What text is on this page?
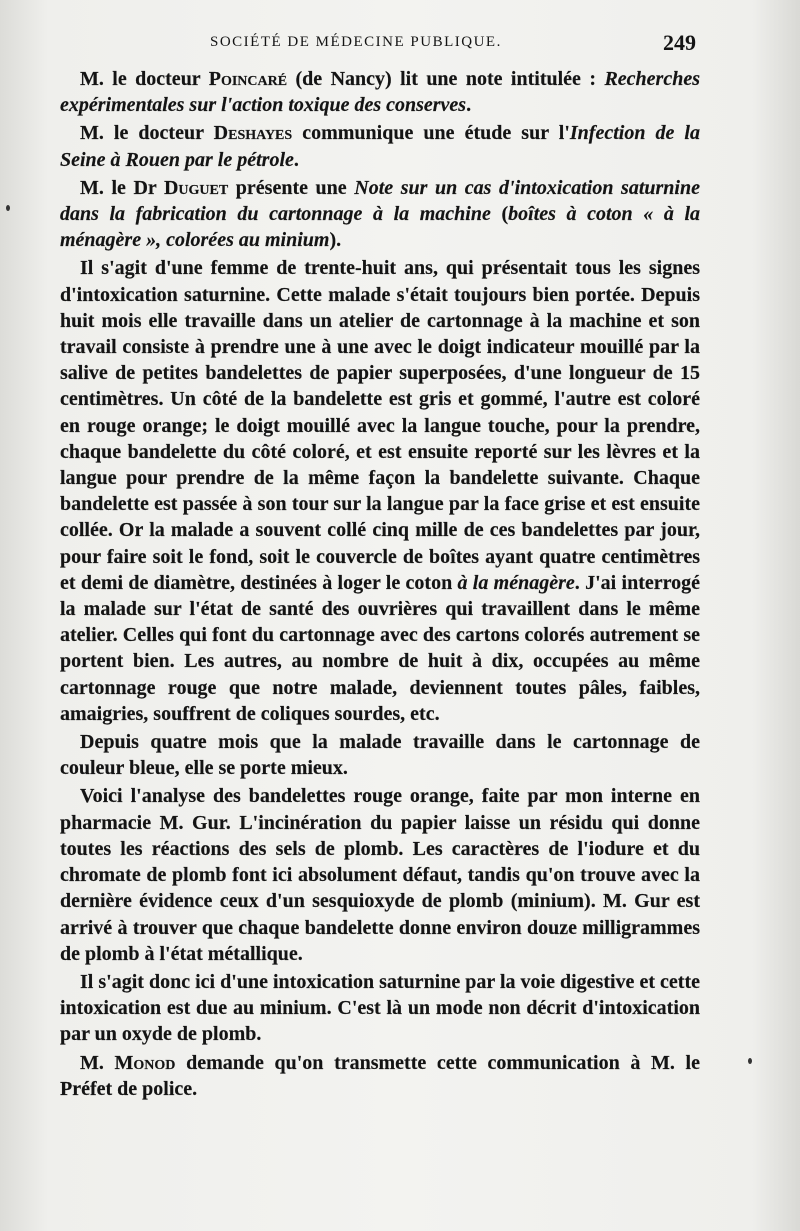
SOCIÉTÉ DE MÉDECINE PUBLIQUE.	249

M. le docteur Poincaré (de Nancy) lit une note intitulée : Recherches expérimentales sur l'action toxique des conserves.

M. le docteur Deshayes communique une étude sur l'Infection de la Seine à Rouen par le pétrole.

M. le Dr Duguet présente une Note sur un cas d'intoxication saturnine dans la fabrication du cartonnage à la machine (boîtes à coton « à la ménagère », colorées au minium).

Il s'agit d'une femme de trente-huit ans, qui présentait tous les signes d'intoxication saturnine. Cette malade s'était toujours bien portée. Depuis huit mois elle travaille dans un atelier de cartonnage à la machine et son travail consiste à prendre une à une avec le doigt indicateur mouillé par la salive de petites bandelettes de papier superposées, d'une longueur de 15 centimètres. Un côté de la bandelette est gris et gommé, l'autre est coloré en rouge orange; le doigt mouillé avec la langue touche, pour la prendre, chaque bandelette du côté coloré, et est ensuite reporté sur les lèvres et la langue pour prendre de la même façon la bandelette suivante. Chaque bandelette est passée à son tour sur la langue par la face grise et est ensuite collée. Or la malade a souvent collé cinq mille de ces bandelettes par jour, pour faire soit le fond, soit le couvercle de boîtes ayant quatre centimètres et demi de diamètre, destinées à loger le coton à la ménagère. J'ai interrogé la malade sur l'état de santé des ouvrières qui travaillent dans le même atelier. Celles qui font du cartonnage avec des cartons colorés autrement se portent bien. Les autres, au nombre de huit à dix, occupées au même cartonnage rouge que notre malade, deviennent toutes pâles, faibles, amaigries, souffrent de coliques sourdes, etc.

Depuis quatre mois que la malade travaille dans le cartonnage de couleur bleue, elle se porte mieux.

Voici l'analyse des bandelettes rouge orange, faite par mon interne en pharmacie M. Gur. L'incinération du papier laisse un résidu qui donne toutes les réactions des sels de plomb. Les caractères de l'iodure et du chromate de plomb font ici absolument défaut, tandis qu'on trouve avec la dernière évidence ceux d'un sesquioxyde de plomb (minium). M. Gur est arrivé à trouver que chaque bandelette donne environ douze milligrammes de plomb à l'état métallique.

Il s'agit donc ici d'une intoxication saturnine par la voie digestive et cette intoxication est due au minium. C'est là un mode non décrit d'intoxication par un oxyde de plomb.

M. Monod demande qu'on transmette cette communication à M. le Préfet de police.
